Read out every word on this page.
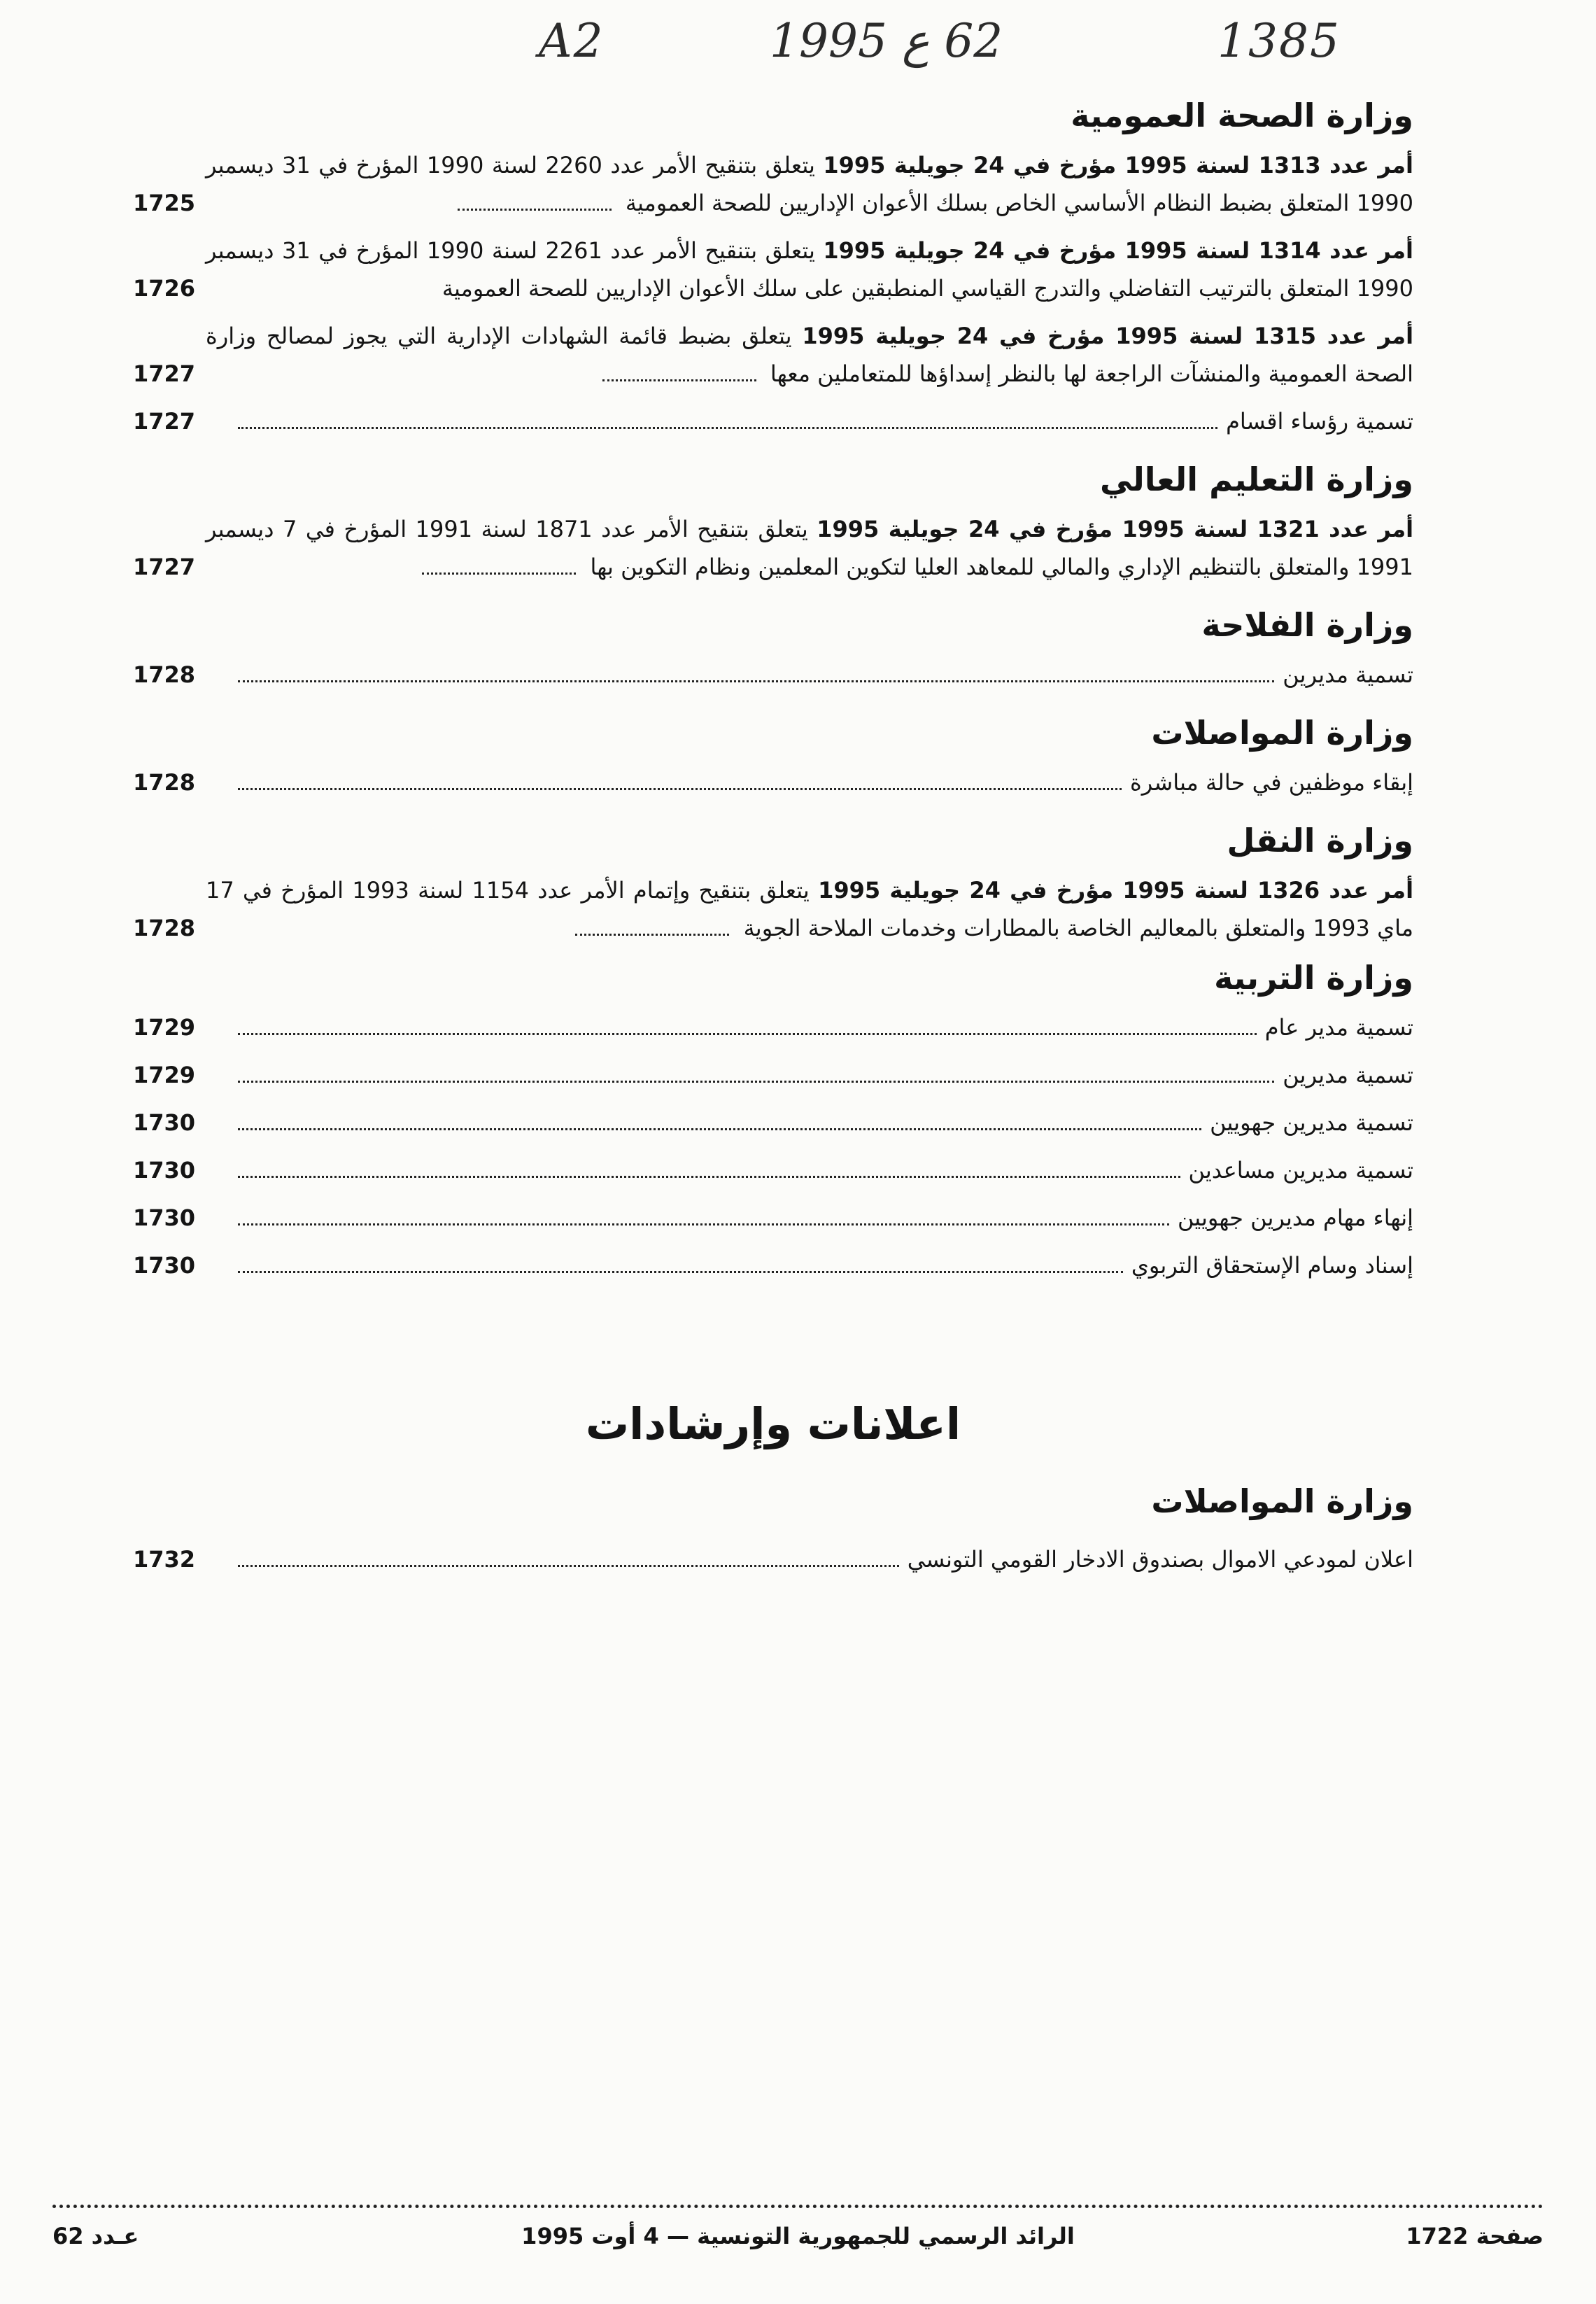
A2	62 ع 1995	1385
وزارة الصحة العمومية
أمر عدد 1313 لسنة 1995 مؤرخ في 24 جويلية 1995 يتعلق بتنقيح الأمر عدد 2260 لسنة 1990 المؤرخ في 31 ديسمبر 1990 المتعلق بضبط النظام الأساسي الخاص بسلك الأعوان الإداريين للصحة العمومية
1725
أمر عدد 1314 لسنة 1995 مؤرخ في 24 جويلية 1995 يتعلق بتنقيح الأمر عدد 2261 لسنة 1990 المؤرخ في 31 ديسمبر 1990 المتعلق بالترتيب التفاضلي والتدرج القياسي المنطبقين على سلك الأعوان الإداريين للصحة العمومية
1726
أمر عدد 1315 لسنة 1995 مؤرخ في 24 جويلية 1995 يتعلق بضبط قائمة الشهادات الإدارية التي يجوز لمصالح وزارة الصحة العمومية والمنشآت الراجعة لها بالنظر إسداؤها للمتعاملين معها
1727
تسمية رؤساء اقسام
1727
وزارة التعليم العالي
أمر عدد 1321 لسنة 1995 مؤرخ في 24 جويلية 1995 يتعلق بتنقيح الأمر عدد 1871 لسنة 1991 المؤرخ في 7 ديسمبر 1991 والمتعلق بالتنظيم الإداري والمالي للمعاهد العليا لتكوين المعلمين ونظام التكوين بها
1727
وزارة الفلاحة
تسمية مديرين
1728
وزارة المواصلات
إبقاء موظفين في حالة مباشرة
1728
وزارة النقل
أمر عدد 1326 لسنة 1995 مؤرخ في 24 جويلية 1995 يتعلق بتنقيح وإتمام الأمر عدد 1154 لسنة 1993 المؤرخ في 17 ماي 1993 والمتعلق بالمعاليم الخاصة بالمطارات وخدمات الملاحة الجوية
1728
وزارة التربية
تسمية مدير عام
1729
تسمية مديرين
1729
تسمية مديرين جهويين
1730
تسمية مديرين مساعدين
1730
إنهاء مهام مديرين جهويين
1730
إسناد وسام الإستحقاق التربوي
1730
اعلانات وإرشادات
وزارة المواصلات
اعلان لمودعي الاموال بصندوق الادخار القومي التونسي
1732
صفحة 1722
الرائد الرسمي للجمهورية التونسية — 4 أوت 1995
عـدد 62
